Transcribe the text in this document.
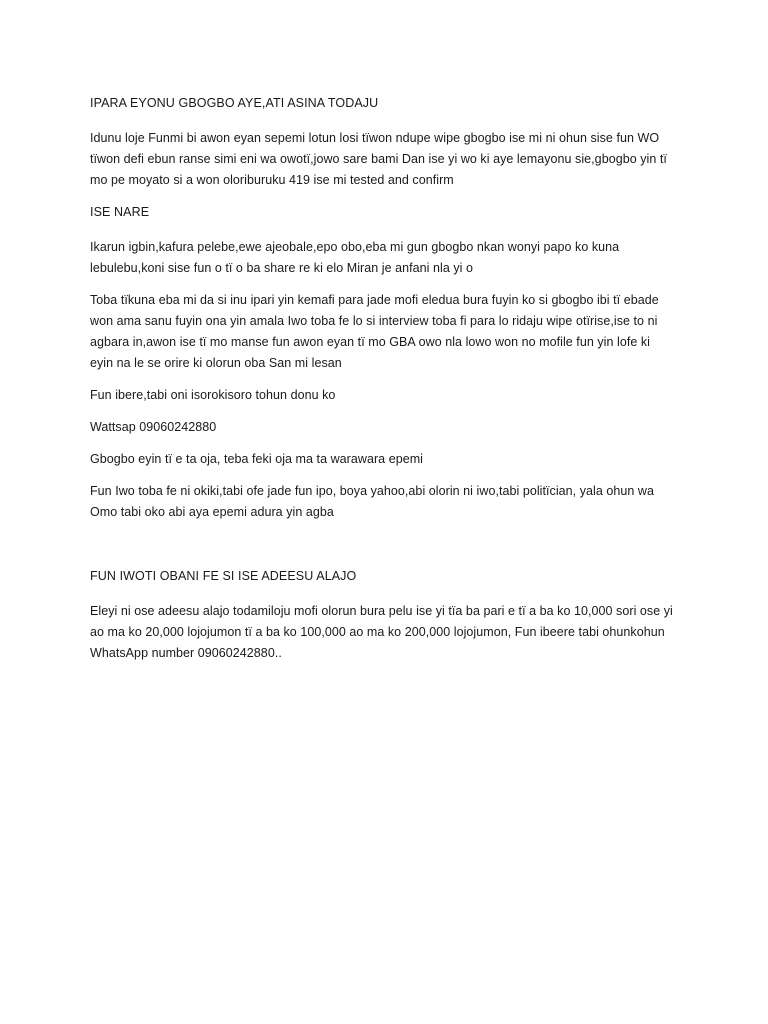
IPARA EYONU GBOGBO AYE,ATI ASINA TODAJU
Idunu loje Funmi bi awon eyan sepemi lotun losi tïwon ndupe wipe gbogbo ise mi ni ohun sise fun WO
tïwon defi ebun ranse simi eni wa owotï,jowo sare bami Dan ise yi wo ki aye lemayonu sie,gbogbo yin tï
mo pe moyato si a won oloriburuku 419 ise mi tested and confirm
ISE NARE
Ikarun igbin,kafura pelebe,ewe ajeobale,epo obo,eba mi gun gbogbo nkan wonyi papo ko kuna
lebulebu,koni sise fun o tï o ba share re ki elo Miran je anfani nla yi o
Toba tïkuna eba mi da si inu ipari yin kemafi para jade mofi eledua bura fuyin ko si gbogbo ibi tï ebade
won ama sanu fuyin ona yin amala Iwo toba fe lo si interview toba fi para lo ridaju wipe otïrise,ise to ni
agbara in,awon ise tï mo manse fun awon eyan tï mo GBA owo nla lowo won no mofile fun yin lofe ki
eyin na le se orire ki olorun oba San mi lesan
Fun ibere,tabi oni isorokisoro tohun donu ko
Wattsap 09060242880
Gbogbo eyin tï e ta oja, teba feki oja ma ta warawara epemi
Fun Iwo toba fe ni okiki,tabi ofe jade fun ipo, boya yahoo,abi olorin ni iwo,tabi politïcian, yala ohun wa
Omo tabi oko abi aya epemi adura yin agba
FUN IWOTI OBANI FE SI ISE ADEESU ALAJO
Eleyi ni ose adeesu alajo todamiloju mofi olorun bura pelu ise yi tïa ba pari e tï a ba ko 10,000 sori ose yi
ao ma ko 20,000 lojojumon tï a ba ko 100,000 ao ma ko 200,000 lojojumon, Fun ibeere tabi ohunkohun
WhatsApp number 09060242880..
